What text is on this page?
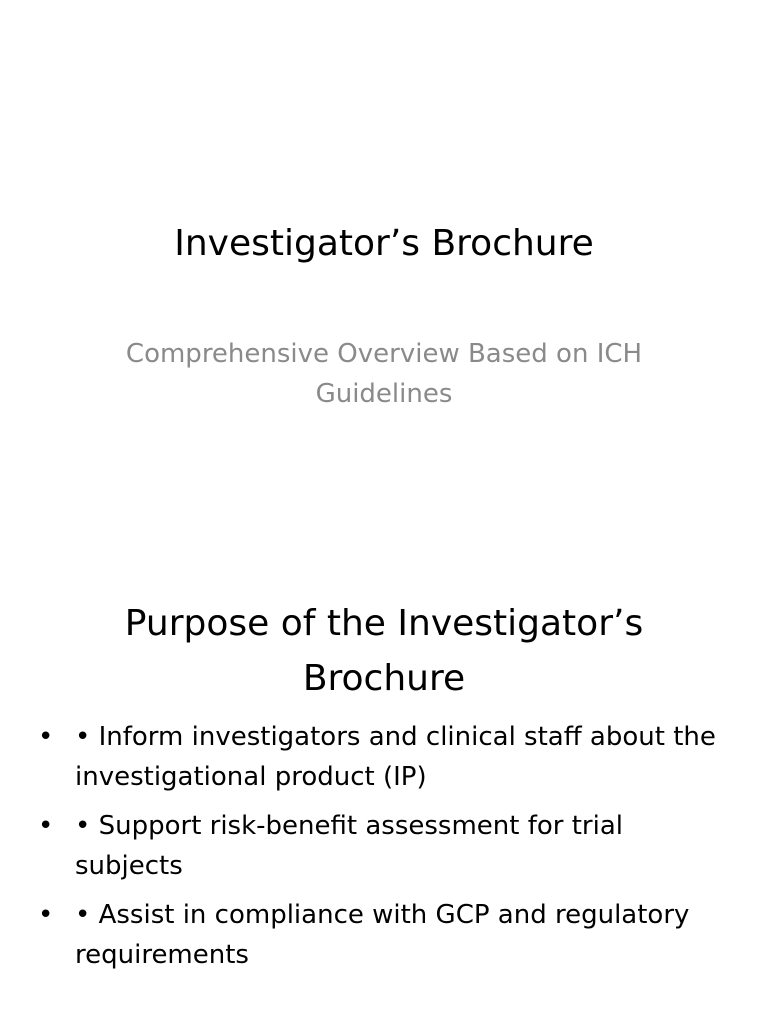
Investigator’s Brochure

Comprehensive Overview Based on ICH Guidelines

Purpose of the Investigator’s Brochure
• • Inform investigators and clinical staff about the investigational product (IP)
• • Support risk-benefit assessment for trial subjects
• • Assist in compliance with GCP and regulatory requirements
